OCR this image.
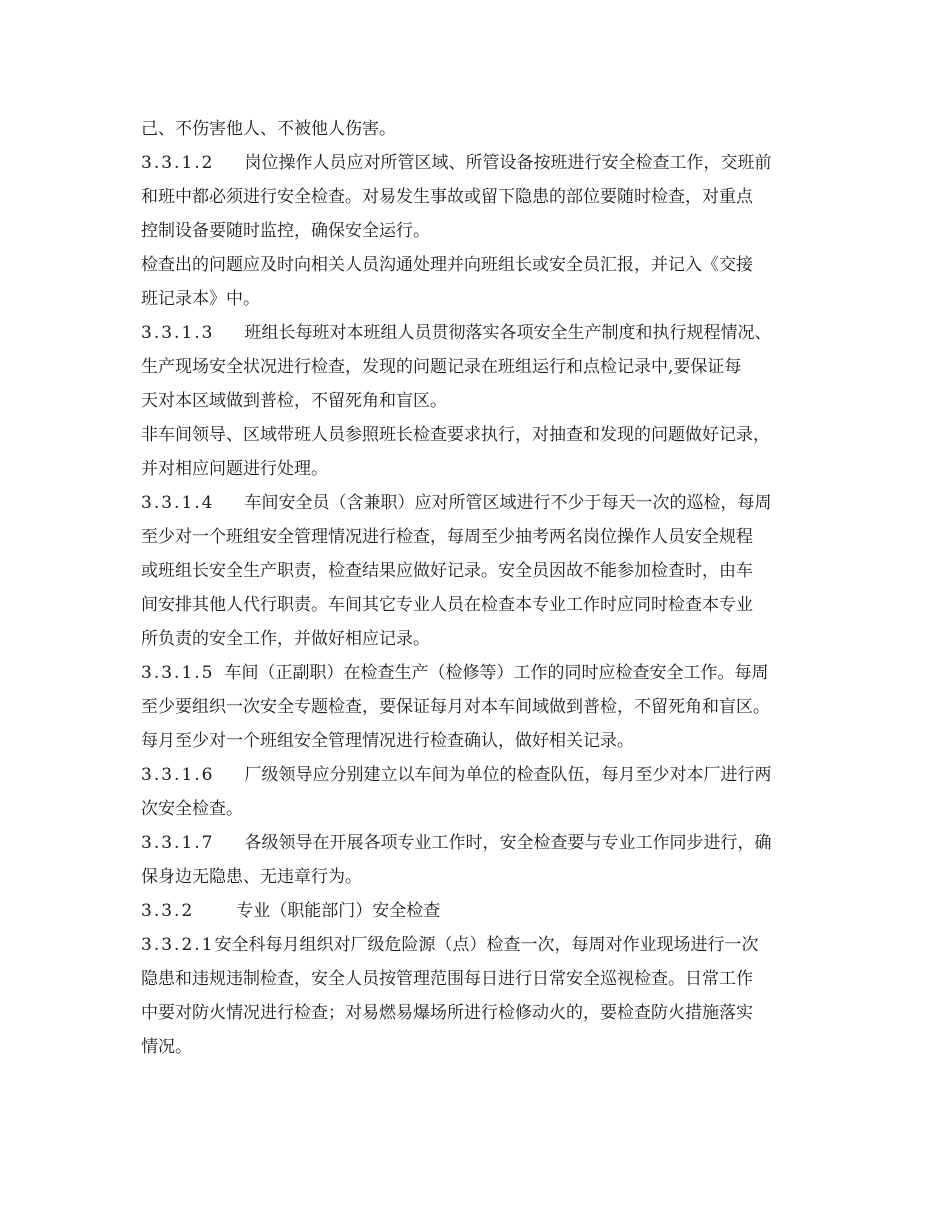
己、不伤害他人、不被他人伤害。
3.3.1.2 岗位操作人员应对所管区域、所管设备按班进行安全检查工作，交班前
和班中都必须进行安全检查。对易发生事故或留下隐患的部位要随时检查，对重点
控制设备要随时监控，确保安全运行。
检查出的问题应及时向相关人员沟通处理并向班组长或安全员汇报，并记入《交接
班记录本》中。
3.3.1.3 班组长每班对本班组人员贯彻落实各项安全生产制度和执行规程情况、
生产现场安全状况进行检查，发现的问题记录在班组运行和点检记录中,要保证每
天对本区域做到普检，不留死角和盲区。
非车间领导、区域带班人员参照班长检查要求执行，对抽查和发现的问题做好记录，
并对相应问题进行处理。
3.3.1.4 车间安全员（含兼职）应对所管区域进行不少于每天一次的巡检，每周
至少对一个班组安全管理情况进行检查，每周至少抽考两名岗位操作人员安全规程
或班组长安全生产职责，检查结果应做好记录。安全员因故不能参加检查时，由车
间安排其他人代行职责。车间其它专业人员在检查本专业工作时应同时检查本专业
所负责的安全工作，并做好相应记录。
3.3.1.5 车间（正副职）在检查生产（检修等）工作的同时应检查安全工作。每周
至少要组织一次安全专题检查，要保证每月对本车间域做到普检，不留死角和盲区。
每月至少对一个班组安全管理情况进行检查确认，做好相关记录。
3.3.1.6 厂级领导应分别建立以车间为单位的检查队伍，每月至少对本厂进行两
次安全检查。
3.3.1.7 各级领导在开展各项专业工作时，安全检查要与专业工作同步进行，确
保身边无隐患、无违章行为。
3.3.2 专业（职能部门）安全检查
3.3.2.1安全科每月组织对厂级危险源（点）检查一次，每周对作业现场进行一次
隐患和违规违制检查，安全人员按管理范围每日进行日常安全巡视检查。日常工作
中要对防火情况进行检查；对易燃易爆场所进行检修动火的，要检查防火措施落实
情况。
